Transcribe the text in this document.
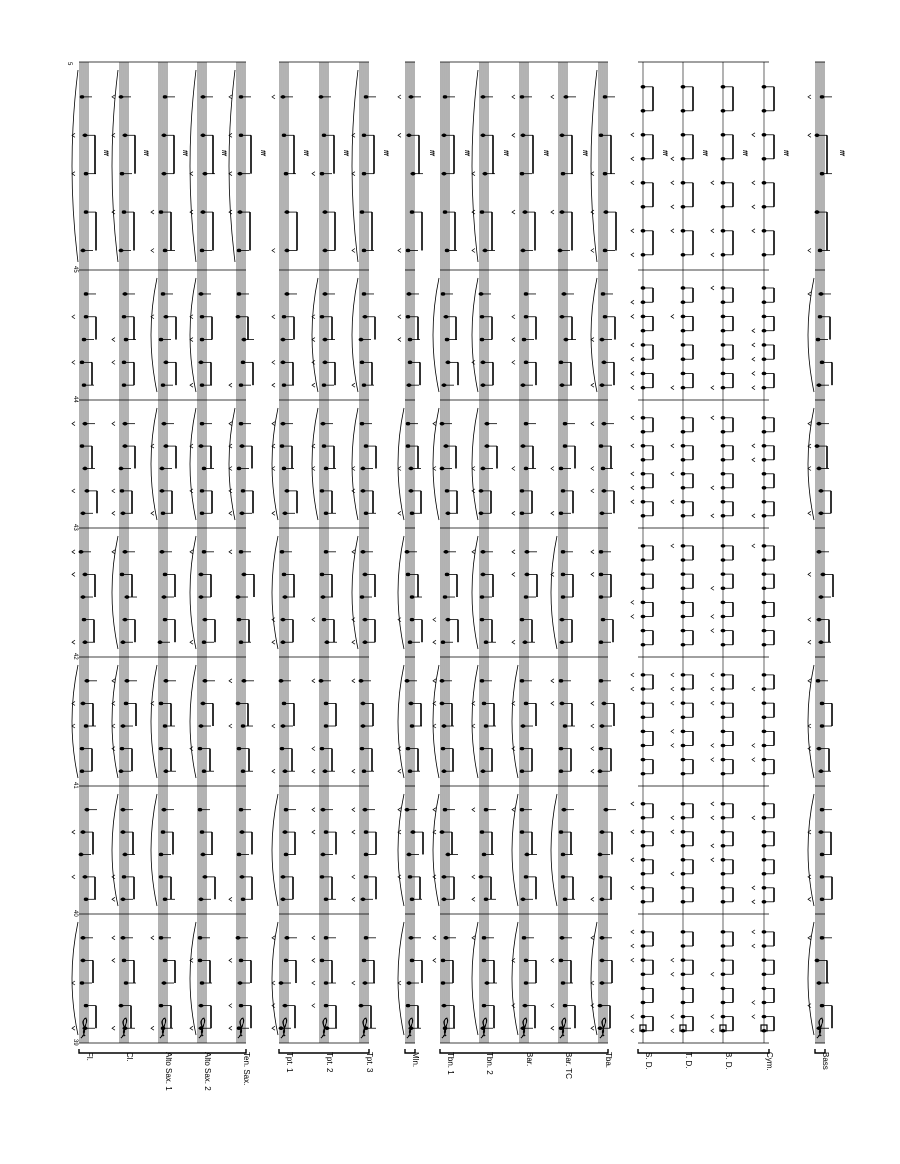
5
39
40
41
42
43
44
45
fff	fff	fff	fff	fff	fff	fff	fff	fff	fff	fff	fff	fff	fff	fff	fff	fff	fff
Fl.	Cl.	Alto Sax. 1	Alto Sax. 2	Ten. Sax.	Tpt. 1	Tpt. 2	Tpt. 3	Mln.	Tbn. 1	Tbn. 2	Bar.	Bar. TC	Tba.	S. D.	T. D.	B. D.	Cym.	Bass
